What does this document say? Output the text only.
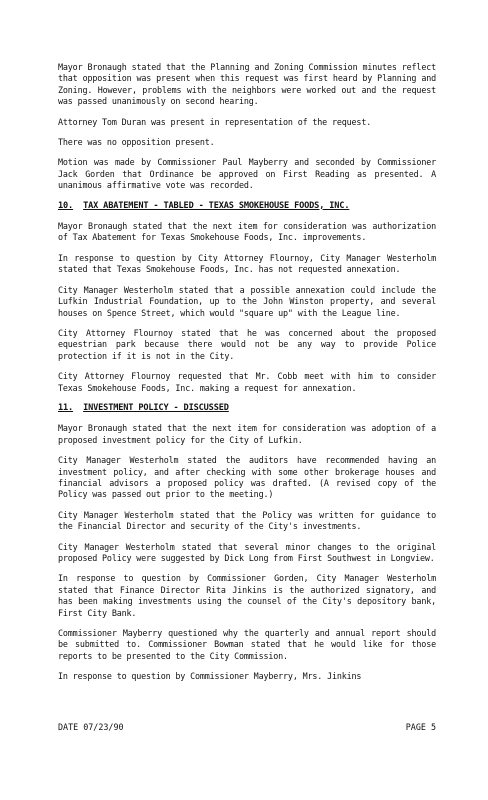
Mayor Bronaugh stated that the Planning and Zoning Commission minutes reflect that opposition was present when this request was first heard by Planning and Zoning. However, problems with the neighbors were worked out and the request was passed unanimously on second hearing.

Attorney Tom Duran was present in representation of the request.

There was no opposition present.

Motion was made by Commissioner Paul Mayberry and seconded by Commissioner Jack Gorden that Ordinance be approved on First Reading as presented. A unanimous affirmative vote was recorded.

10. TAX ABATEMENT - TABLED - TEXAS SMOKEHOUSE FOODS, INC.

Mayor Bronaugh stated that the next item for consideration was authorization of Tax Abatement for Texas Smokehouse Foods, Inc. improvements.

In response to question by City Attorney Flournoy, City Manager Westerholm stated that Texas Smokehouse Foods, Inc. has not requested annexation.

City Manager Westerholm stated that a possible annexation could include the Lufkin Industrial Foundation, up to the John Winston property, and several houses on Spence Street, which would "square up" with the League line.

City Attorney Flournoy stated that he was concerned about the proposed equestrian park because there would not be any way to provide Police protection if it is not in the City.

City Attorney Flournoy requested that Mr. Cobb meet with him to consider Texas Smokehouse Foods, Inc. making a request for annexation.

11. INVESTMENT POLICY - DISCUSSED

Mayor Bronaugh stated that the next item for consideration was adoption of a proposed investment policy for the City of Lufkin.

City Manager Westerholm stated the auditors have recommended having an investment policy, and after checking with some other brokerage houses and financial advisors a proposed policy was drafted. (A revised copy of the Policy was passed out prior to the meeting.)

City Manager Westerholm stated that the Policy was written for guidance to the Financial Director and security of the City's investments.

City Manager Westerholm stated that several minor changes to the original proposed Policy were suggested by Dick Long from First Southwest in Longview.

In response to question by Commissioner Gorden, City Manager Westerholm stated that Finance Director Rita Jinkins is the authorized signatory, and has been making investments using the counsel of the City's depository bank, First City Bank.

Commissioner Mayberry questioned why the quarterly and annual report should be submitted to. Commissioner Bowman stated that he would like for those reports to be presented to the City Commission.

In response to question by Commissioner Mayberry, Mrs. Jinkins

DATE 07/23/90	PAGE 5
